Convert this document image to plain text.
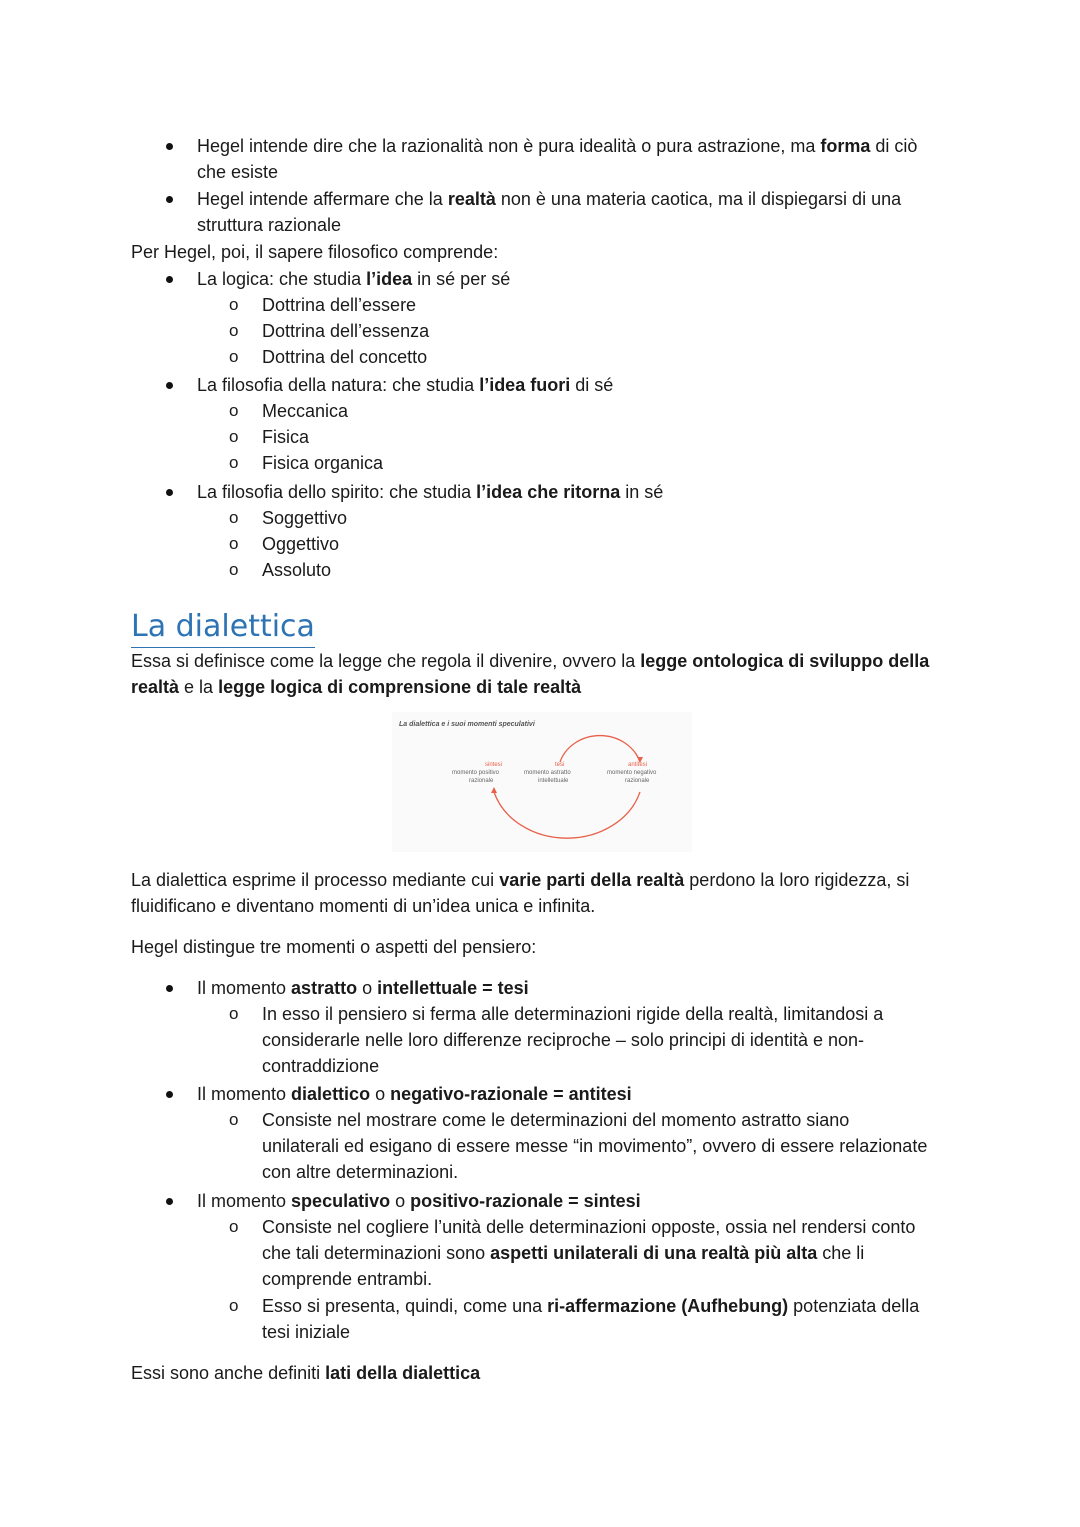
Hegel intende dire che la razionalità non è pura idealità o pura astrazione, ma forma di ciò
che esiste
Hegel intende affermare che la realtà non è una materia caotica, ma il dispiegarsi di una
struttura razionale
Per Hegel, poi, il sapere filosofico comprende:
La logica: che studia l’idea in sé per sé
o Dottrina dell’essere
o Dottrina dell’essenza
o Dottrina del concetto
La filosofia della natura: che studia l’idea fuori di sé
o Meccanica
o Fisica
o Fisica organica
La filosofia dello spirito: che studia l’idea che ritorna in sé
o Soggettivo
o Oggettivo
o Assoluto
La dialettica
Essa si definisce come la legge che regola il divenire, ovvero la legge ontologica di sviluppo della
realtà e la legge logica di comprensione di tale realtà
La dialettica e i suoi momenti speculativi
sintesi
momento positivo
razionale
tesi
momento astratto
intellettuale
antitesi
momento negativo
razionale
La dialettica esprime il processo mediante cui varie parti della realtà perdono la loro rigidezza, si
fluidificano e diventano momenti di un’idea unica e infinita.
Hegel distingue tre momenti o aspetti del pensiero:
Il momento astratto o intellettuale = tesi
o In esso il pensiero si ferma alle determinazioni rigide della realtà, limitandosi a
considerarle nelle loro differenze reciproche – solo principi di identità e non-
contraddizione
Il momento dialettico o negativo-razionale = antitesi
o Consiste nel mostrare come le determinazioni del momento astratto siano
unilaterali ed esigano di essere messe “in movimento”, ovvero di essere relazionate
con altre determinazioni.
Il momento speculativo o positivo-razionale = sintesi
o Consiste nel cogliere l’unità delle determinazioni opposte, ossia nel rendersi conto
che tali determinazioni sono aspetti unilaterali di una realtà più alta che li
comprende entrambi.
o Esso si presenta, quindi, come una ri-affermazione (Aufhebung) potenziata della
tesi iniziale
Essi sono anche definiti lati della dialettica
